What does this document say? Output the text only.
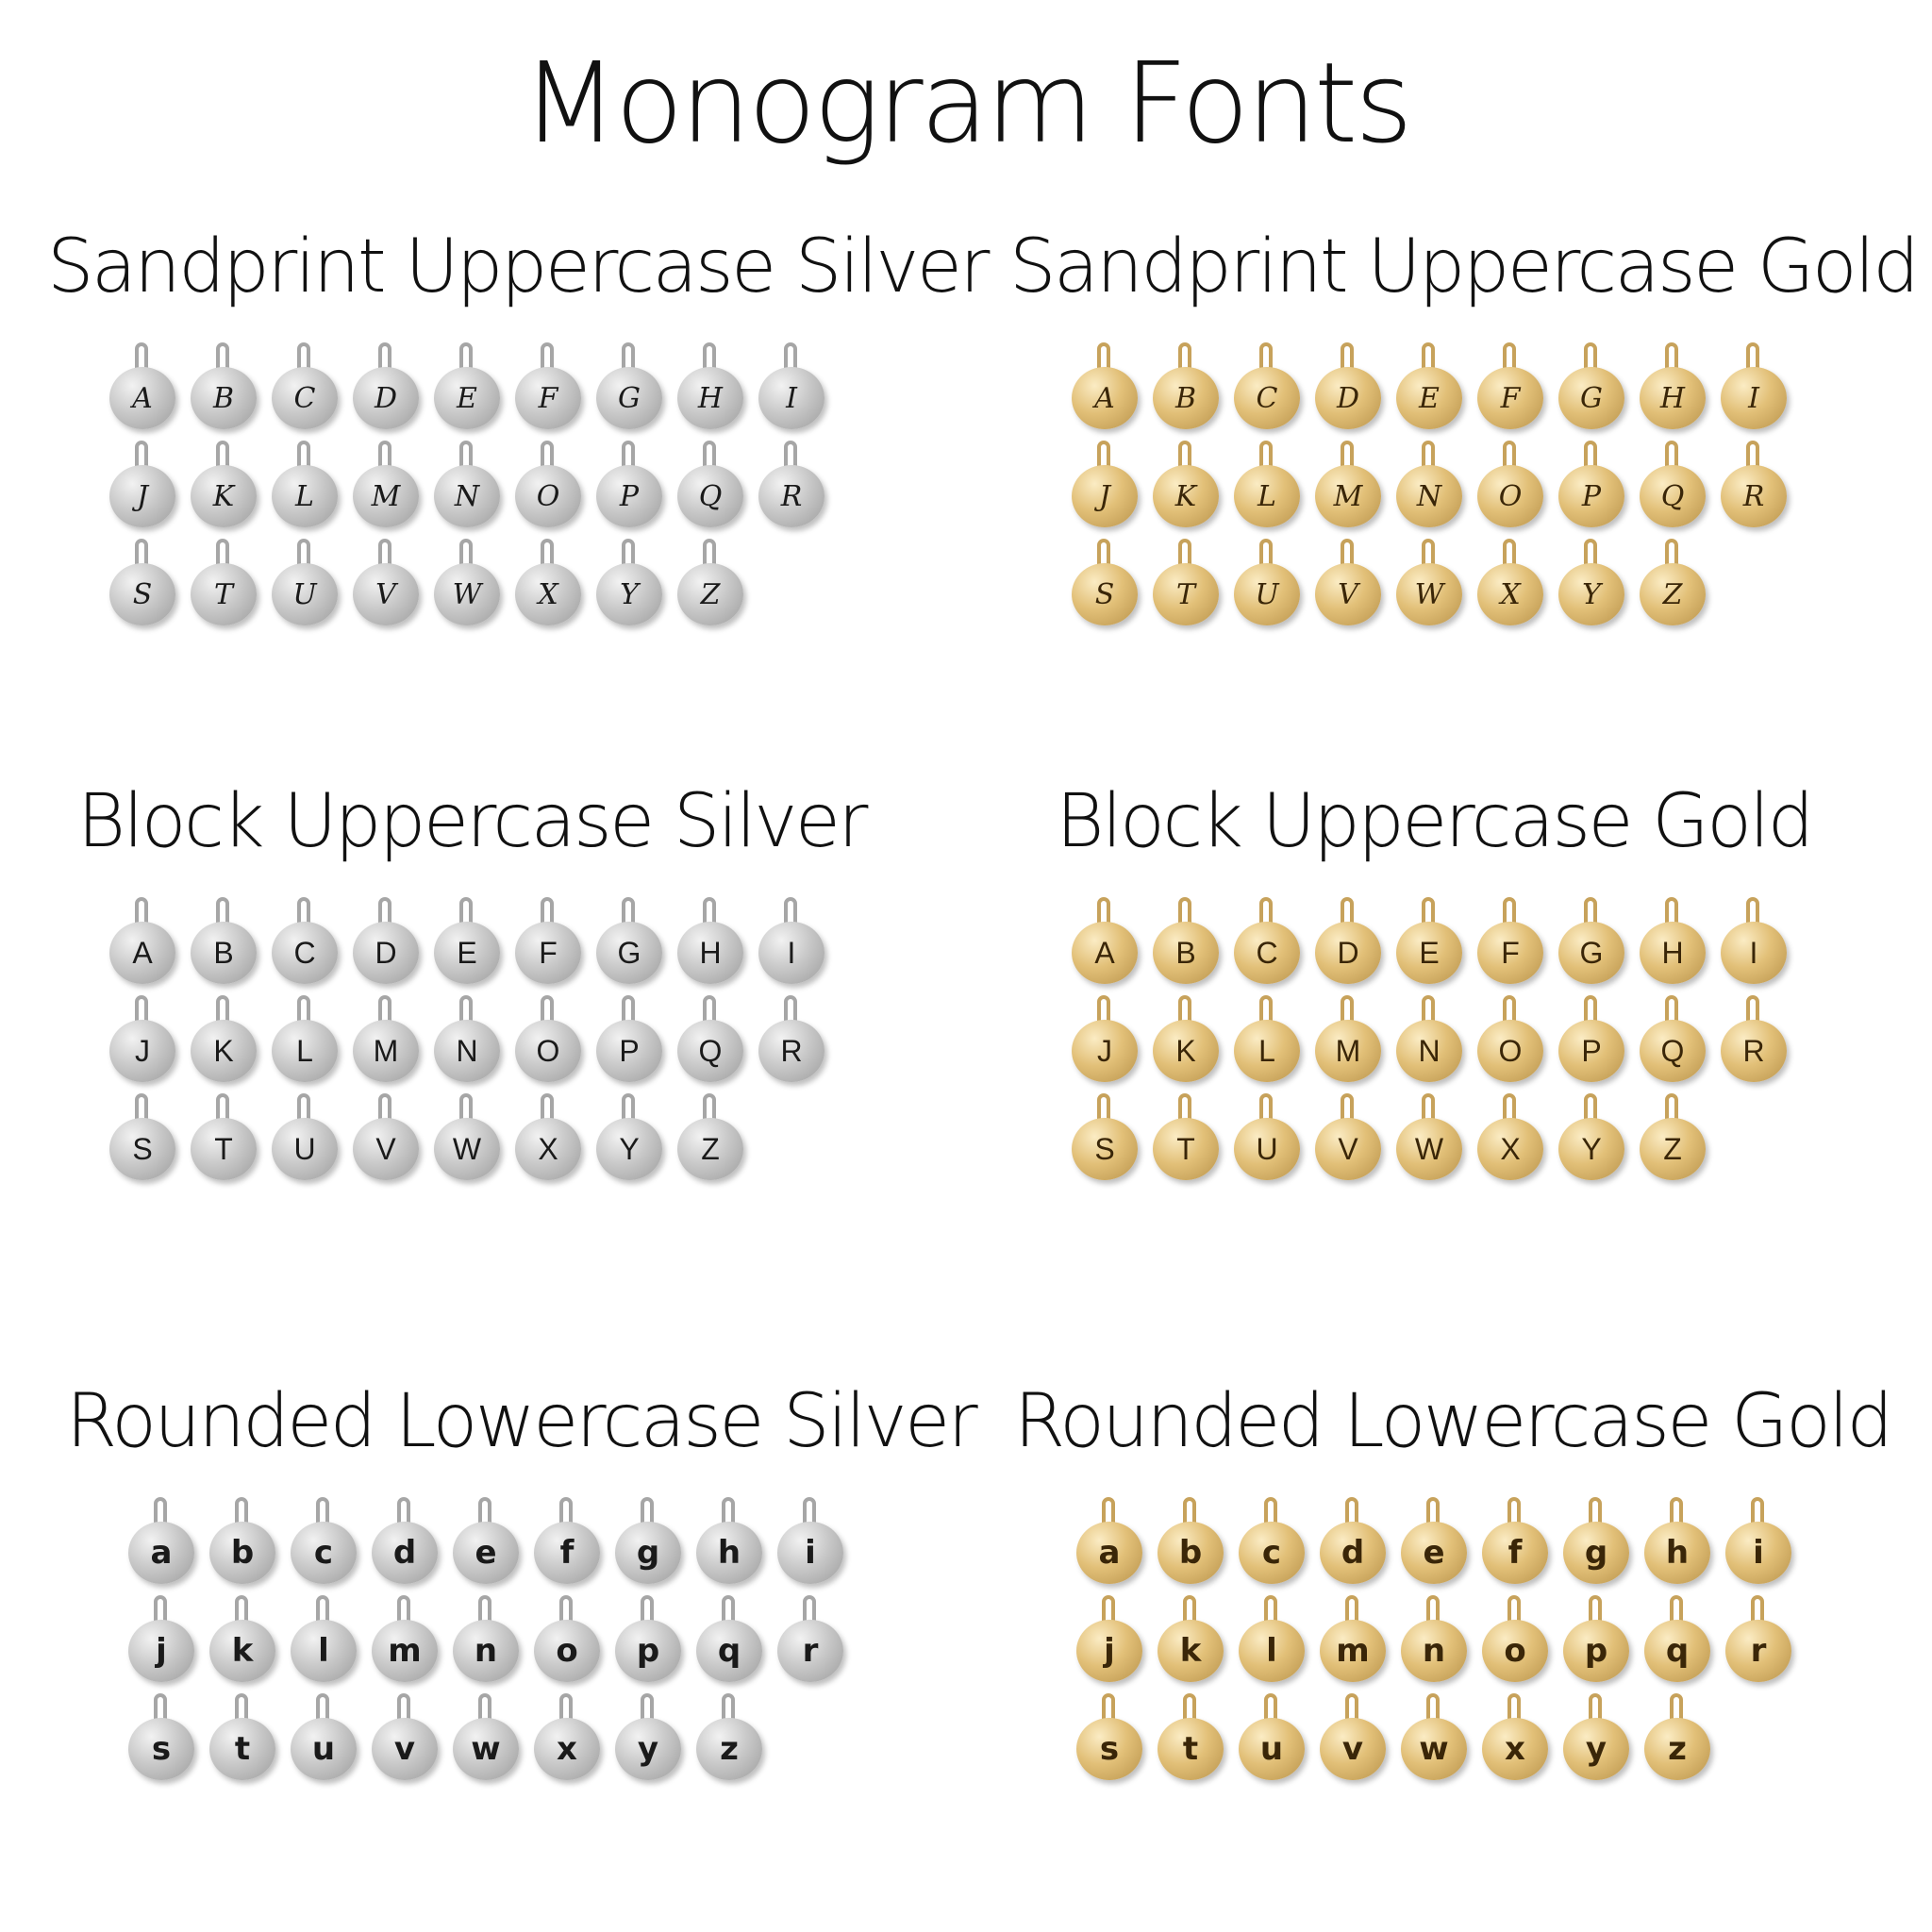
Monogram Fonts
Sandprint Uppercase Silver
A	B	C	D	E	F	G	H	I
J	K	L	M	N	O	P	Q	R
S	T	U	V	W	X	Y	Z
Sandprint Uppercase Gold
A	B	C	D	E	F	G	H	I
J	K	L	M	N	O	P	Q	R
S	T	U	V	W	X	Y	Z
Block Uppercase Silver
A	B	C	D	E	F	G	H	I
J	K	L	M	N	O	P	Q	R
S	T	U	V	W	X	Y	Z
Block Uppercase Gold
A	B	C	D	E	F	G	H	I
J	K	L	M	N	O	P	Q	R
S	T	U	V	W	X	Y	Z
Rounded Lowercase Silver
a	b	c	d	e	f	g	h	i
j	k	l	m	n	o	p	q	r
s	t	u	v	w	x	y	z
Rounded Lowercase Gold
a	b	c	d	e	f	g	h	i
j	k	l	m	n	o	p	q	r
s	t	u	v	w	x	y	z
